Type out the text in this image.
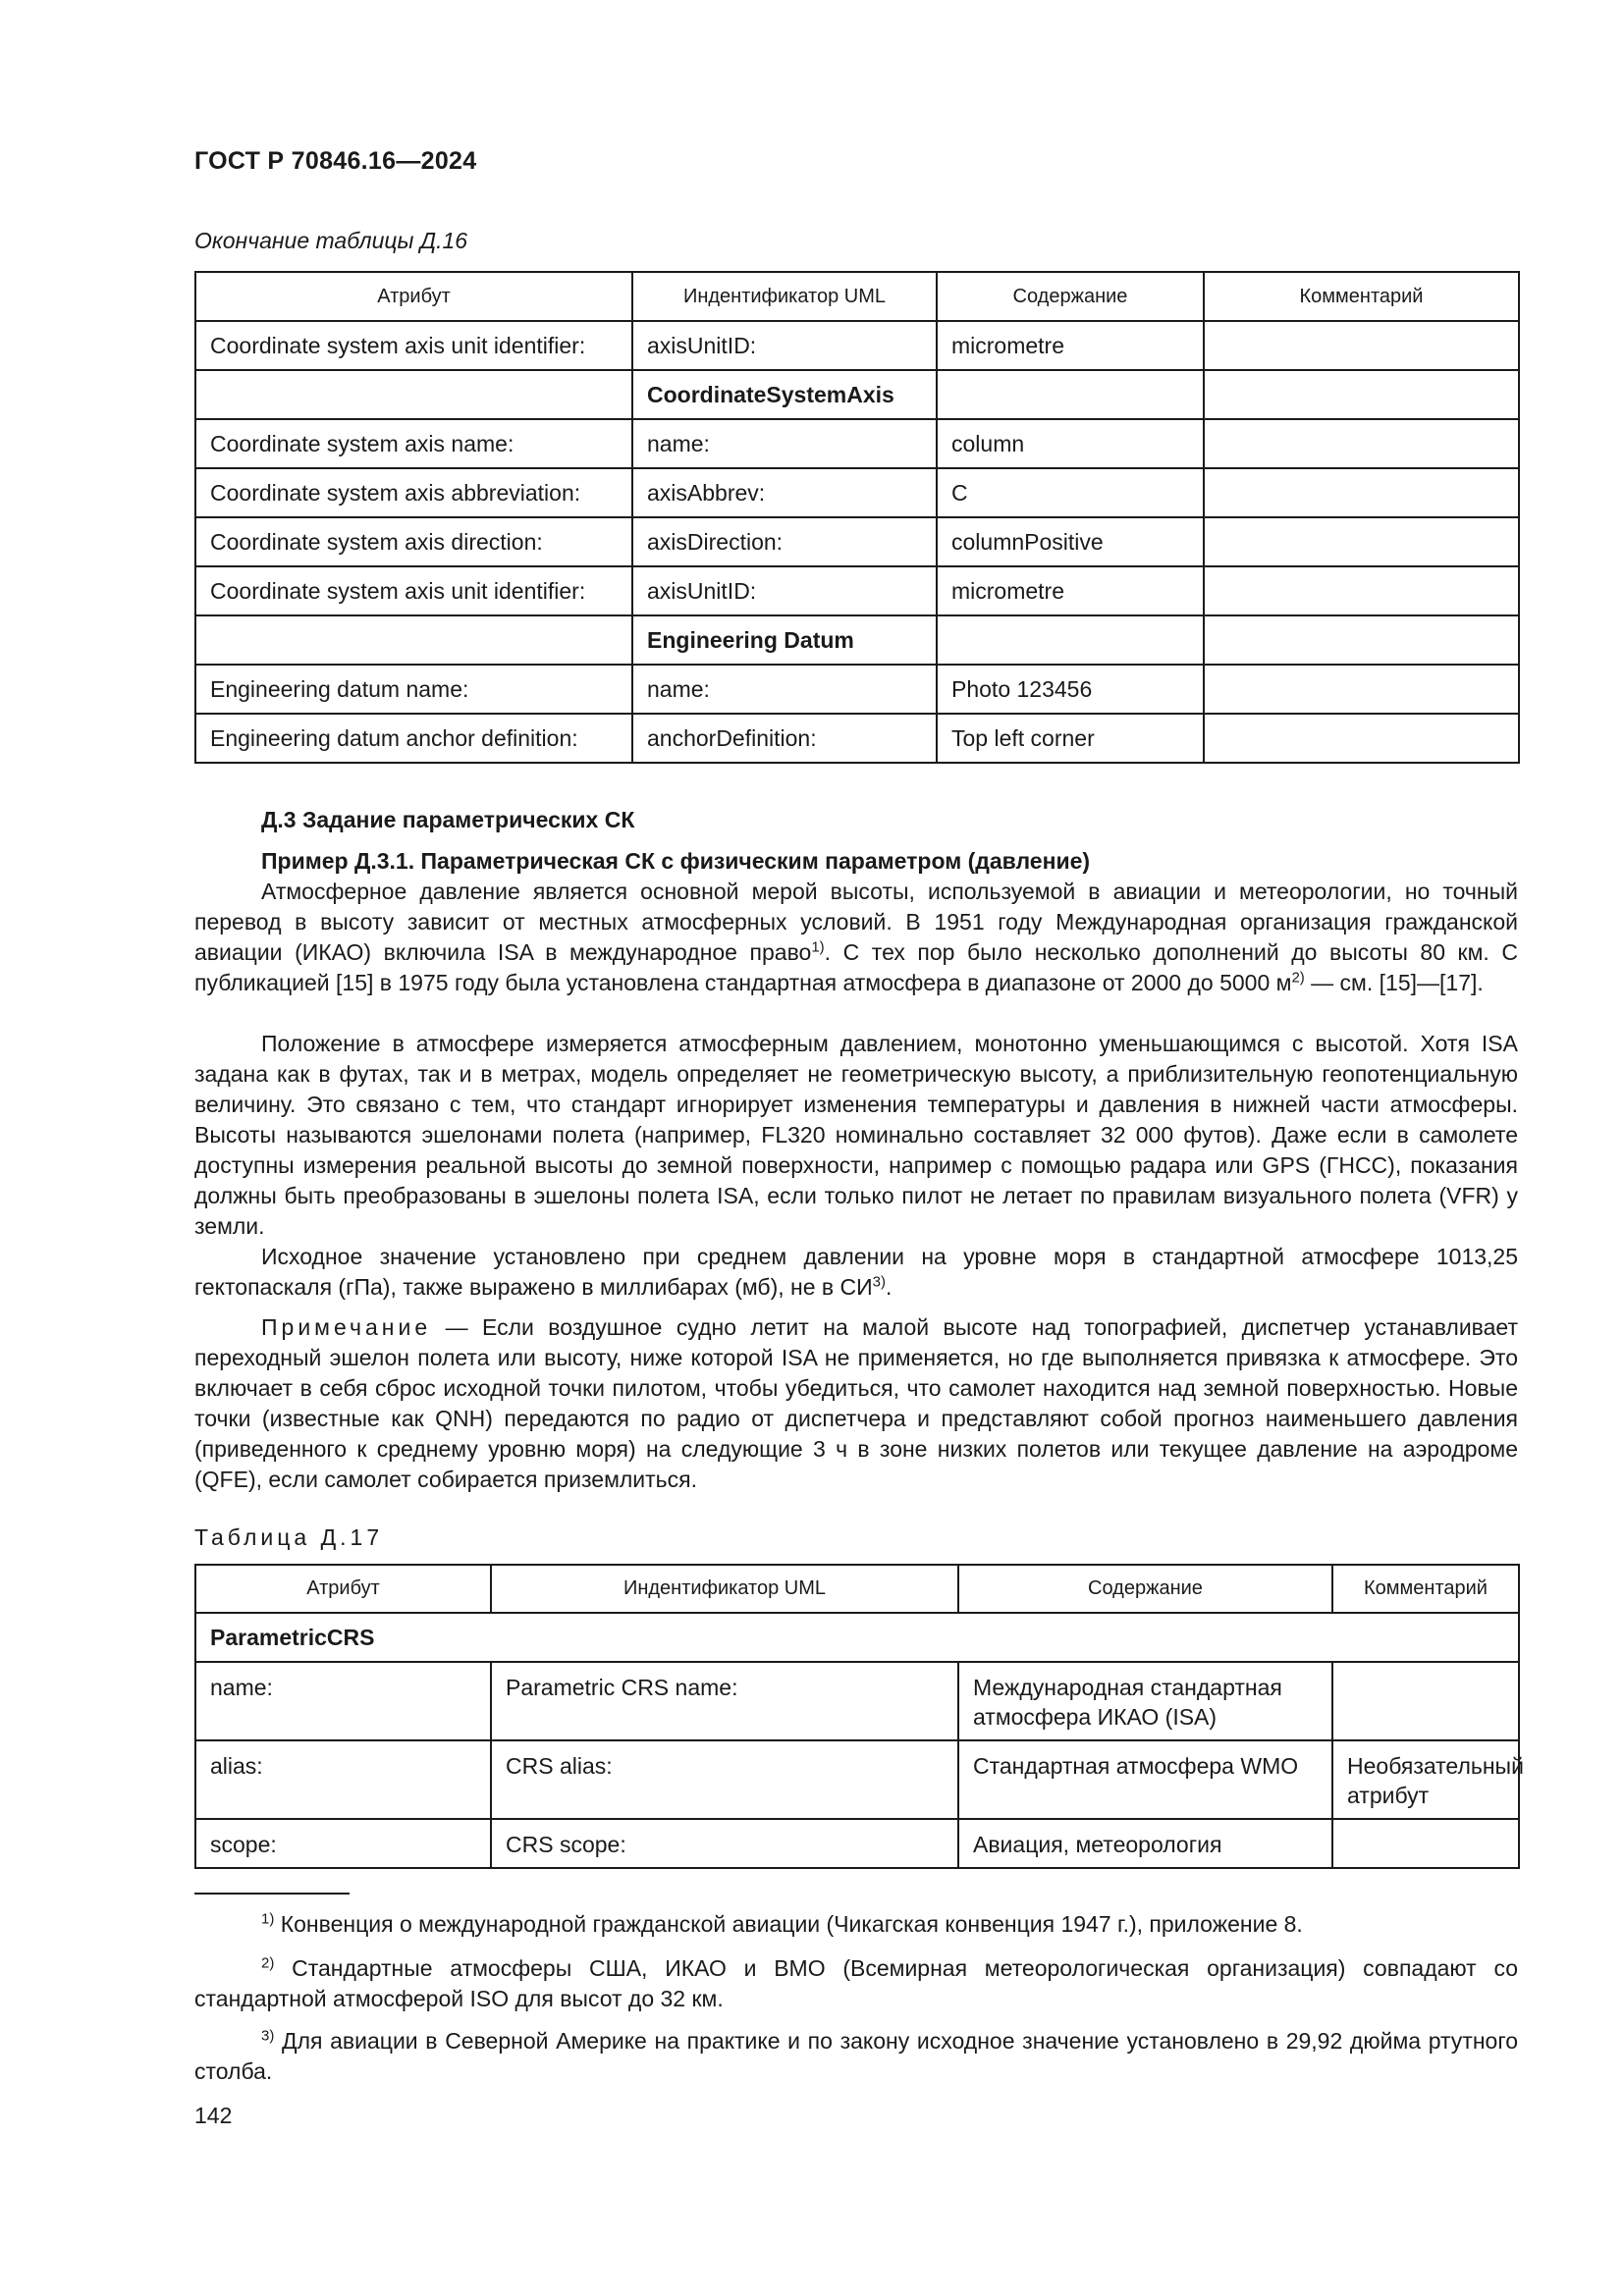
ГОСТ Р 70846.16—2024
Окончание таблицы Д.16
Атрибут	Индентификатор UML	Содержание	Комментарий
Coordinate system axis unit identifier:	axisUnitID:	micrometre	
	CoordinateSystemAxis		
Coordinate system axis name:	name:	column	
Coordinate system axis abbreviation:	axisAbbrev:	C	
Coordinate system axis direction:	axisDirection:	columnPositive	
Coordinate system axis unit identifier:	axisUnitID:	micrometre	
	Engineering Datum		
Engineering datum name:	name:	Photo 123456	
Engineering datum anchor definition:	anchorDefinition:	Top left corner	
Д.3 Задание параметрических СК
Пример Д.3.1. Параметрическая СК с физическим параметром (давление)

Атмосферное давление является основной мерой высоты, используемой в авиации и метеорологии, но точный перевод в высоту зависит от местных атмосферных условий. В 1951 году Международная организация гражданской авиации (ИКАО) включила ISA в международное право$^{1)}$. С тех пор было несколько дополнений до высоты 80 км. С публикацией [15] в 1975 году была установлена стандартная атмосфера в диапазоне от 2000 до 5000 $м^{2)}$ — см. [15]—[17].

Положение в атмосфере измеряется атмосферным давлением, монотонно уменьшающимся с высотой. Хотя ISA задана как в футах, так и в метрах, модель определяет не геометрическую высоту, а приблизительную геопотенциальную величину. Это связано с тем, что стандарт игнорирует изменения температуры и давления в нижней части атмосферы. Высоты называются эшелонами полета (например, FL320 номинально составляет 32 000 футов). Даже если в самолете доступны измерения реальной высоты до земной поверхности, например с помощью радара или GPS (ГНСС), показания должны быть преобразованы в эшелоны полета ISA, если только пилот не летает по правилам визуального полета (VFR) у земли.

Исходное значение установлено при среднем давлении на уровне моря в стандартной атмосфере 1013,25 гектопаскаля (гПа), также выражено в миллибарах (мб), не в СИ$^{3)}$.

Примечание — Если воздушное судно летит на малой высоте над топографией, диспетчер устанавливает переходный эшелон полета или высоту, ниже которой ISA не применяется, но где выполняется привязка к атмосфере. Это включает в себя сброс исходной точки пилотом, чтобы убедиться, что самолет находится над земной поверхностью. Новые точки (известные как QNH) передаются по радио от диспетчера и представляют собой прогноз наименьшего давления (приведенного к среднему уровню моря) на следующие 3 ч в зоне низких полетов или текущее давление на аэродроме (QFE), если самолет собирается приземлиться.

Таблица Д.17
Атрибут	Индентификатор UML	Содержание	Комментарий
ParametricCRS			
name:	Parametric CRS name:	Международная стандартная атмосфера ИКАО (ISA)	
alias:	CRS alias:	Стандартная атмосфера WMO	Необязательный атрибут
scope:	CRS scope:	Авиация, метеорология	

$^{1)}$ Конвенция о международной гражданской авиации (Чикагская конвенция 1947 г.), приложение 8.

$^{2)}$ Стандартные атмосферы США, ИКАО и ВМО (Всемирная метеорологическая организация) совпадают со стандартной атмосферой ISO для высот до 32 км.

$^{3)}$ Для авиации в Северной Америке на практике и по закону исходное значение установлено в 29,92 дюйма ртутного столба.

142
